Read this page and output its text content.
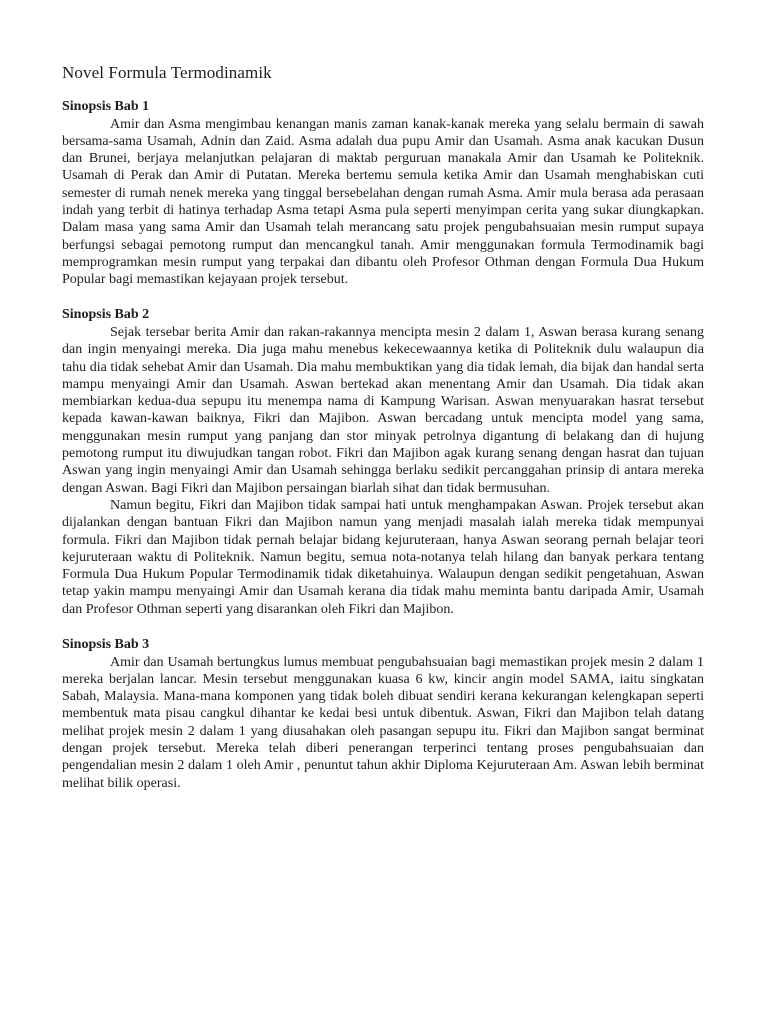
Novel Formula Termodinamik
Sinopsis Bab 1

Amir dan Asma mengimbau kenangan manis zaman kanak-kanak mereka yang selalu bermain di sawah bersama-sama Usamah, Adnin dan Zaid. Asma adalah dua pupu Amir dan Usamah. Asma anak kacukan Dusun dan Brunei, berjaya melanjutkan pelajaran di maktab perguruan manakala Amir dan Usamah ke Politeknik. Usamah di Perak dan Amir di Putatan. Mereka bertemu semula ketika Amir dan Usamah menghabiskan cuti semester di rumah nenek mereka yang tinggal bersebelahan dengan rumah Asma. Amir mula berasa ada perasaan indah yang terbit di hatinya terhadap Asma tetapi Asma pula seperti menyimpan cerita yang sukar diungkapkan. Dalam masa yang sama Amir dan Usamah telah merancang satu projek pengubahsuaian mesin rumput supaya berfungsi sebagai pemotong rumput dan mencangkul tanah. Amir menggunakan formula Termodinamik bagi memprogramkan mesin rumput yang terpakai dan dibantu oleh Profesor Othman dengan Formula Dua Hukum Popular bagi memastikan kejayaan projek tersebut.

Sinopsis Bab 2

Sejak tersebar berita Amir dan rakan-rakannya mencipta mesin 2 dalam 1, Aswan berasa kurang senang dan ingin menyaingi mereka. Dia juga mahu menebus kekecewaannya ketika di Politeknik dulu walaupun dia tahu dia tidak sehebat Amir dan Usamah. Dia mahu membuktikan yang dia tidak lemah, dia bijak dan handal serta mampu menyaingi Amir dan Usamah. Aswan bertekad akan menentang Amir dan Usamah. Dia tidak akan membiarkan kedua-dua sepupu itu menempa nama di Kampung Warisan. Aswan menyuarakan hasrat tersebut kepada kawan-kawan baiknya, Fikri dan Majibon. Aswan bercadang untuk mencipta model yang sama, menggunakan mesin rumput yang panjang dan stor minyak petrolnya digantung di belakang dan di hujung pemotong rumput itu diwujudkan tangan robot. Fikri dan Majibon agak kurang senang dengan hasrat dan tujuan Aswan yang ingin menyaingi Amir dan Usamah sehingga berlaku sedikit percanggahan prinsip di antara mereka dengan Aswan. Bagi Fikri dan Majibon persaingan biarlah sihat dan tidak bermusuhan.

Namun begitu, Fikri dan Majibon tidak sampai hati untuk menghampakan Aswan. Projek tersebut akan dijalankan dengan bantuan Fikri dan Majibon namun yang menjadi masalah ialah mereka tidak mempunyai formula. Fikri dan Majibon tidak pernah belajar bidang kejuruteraan, hanya Aswan seorang pernah belajar teori kejuruteraan waktu di Politeknik. Namun begitu, semua nota-notanya telah hilang dan banyak perkara tentang Formula Dua Hukum Popular Termodinamik tidak diketahuinya. Walaupun dengan sedikit pengetahuan, Aswan tetap yakin mampu menyaingi Amir dan Usamah kerana dia tidak mahu meminta bantu daripada Amir, Usamah dan Profesor Othman seperti yang disarankan oleh Fikri dan Majibon.

Sinopsis Bab 3

Amir dan Usamah bertungkus lumus membuat pengubahsuaian bagi memastikan projek mesin 2 dalam 1 mereka berjalan lancar. Mesin tersebut menggunakan kuasa 6 kw, kincir angin model SAMA, iaitu singkatan Sabah, Malaysia. Mana-mana komponen yang tidak boleh dibuat sendiri kerana kekurangan kelengkapan seperti membentuk mata pisau cangkul dihantar ke kedai besi untuk dibentuk. Aswan, Fikri dan Majibon telah datang melihat projek mesin 2 dalam 1 yang diusahakan oleh pasangan sepupu itu. Fikri dan Majibon sangat berminat dengan projek tersebut. Mereka telah diberi penerangan terperinci tentang proses pengubahsuaian dan pengendalian mesin 2 dalam 1 oleh Amir , penuntut tahun akhir Diploma Kejuruteraan Am. Aswan lebih berminat melihat bilik operasi.
